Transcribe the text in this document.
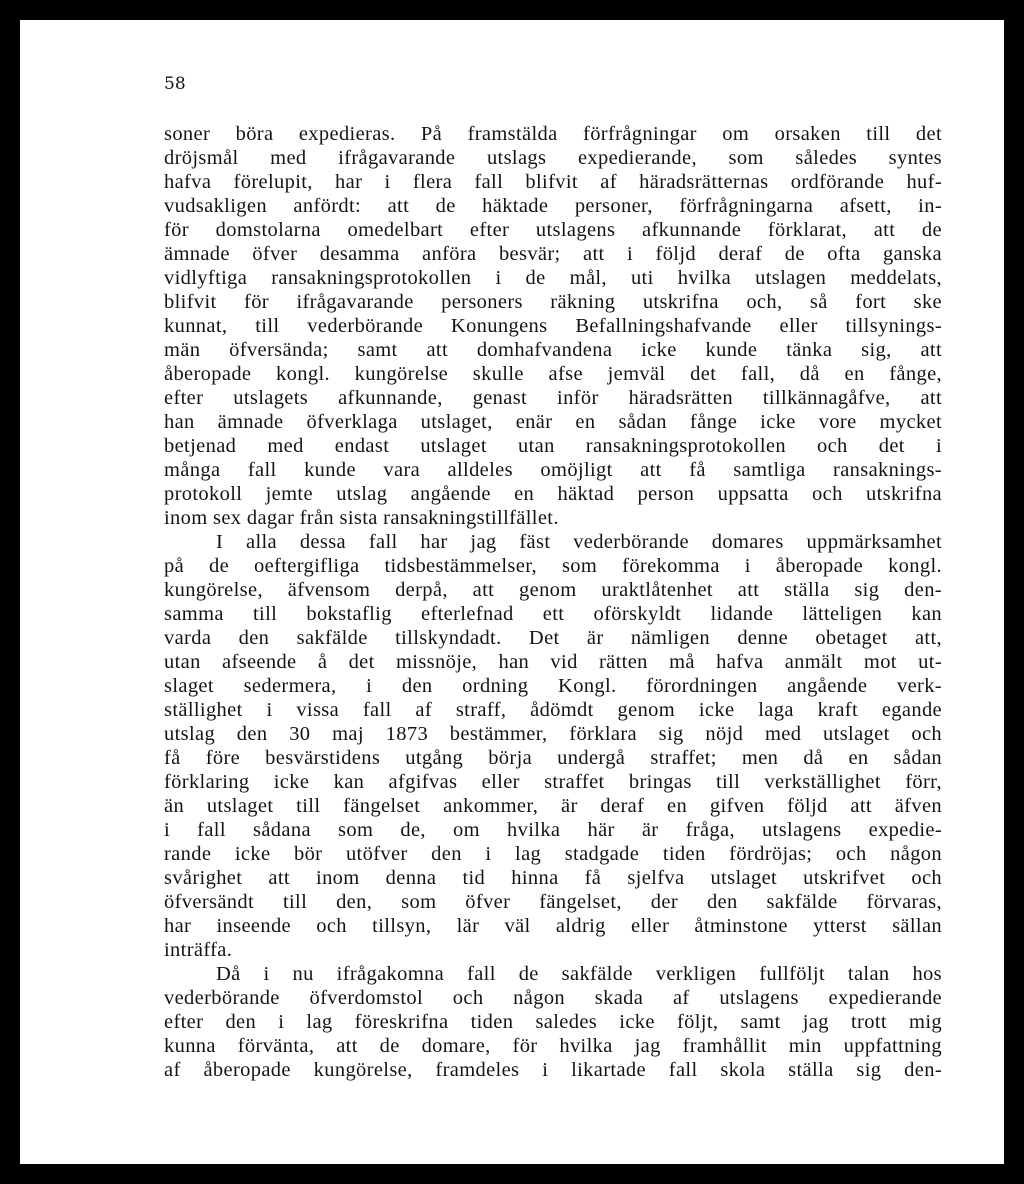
58

soner böra expedieras. På framstälda förfrågningar om orsaken till det

dröjsmål med ifrågavarande utslags expedierande, som således syntes

hafva förelupit, har i flera fall blifvit af häradsrätternas ordförande huf-

vudsakligen anfördt: att de häktade personer, förfrågningarna afsett, in-

för domstolarna omedelbart efter utslagens afkunnande förklarat, att de

ämnade öfver desamma anföra besvär; att i följd deraf de ofta ganska

vidlyftiga ransakningsprotokollen i de mål, uti hvilka utslagen meddelats,

blifvit för ifrågavarande personers räkning utskrifna och, så fort ske

kunnat, till vederbörande Konungens Befallningshafvande eller tillsynings-

män öfversända; samt att domhafvandena icke kunde tänka sig, att

åberopade kongl. kungörelse skulle afse jemväl det fall, då en fånge,

efter utslagets afkunnande, genast inför häradsrätten tillkännagåfve, att

han ämnade öfverklaga utslaget, enär en sådan fånge icke vore mycket

betjenad med endast utslaget utan ransakningsprotokollen och det i

många fall kunde vara alldeles omöjligt att få samtliga ransaknings-

protokoll jemte utslag angående en häktad person uppsatta och utskrifna

inom sex dagar från sista ransakningstillfället.

I alla dessa fall har jag fäst vederbörande domares uppmärksamhet

på de oeftergifliga tidsbestämmelser, som förekomma i åberopade kongl.

kungörelse, äfvensom derpå, att genom uraktlåtenhet att ställa sig den-

samma till bokstaflig efterlefnad ett oförskyldt lidande lätteligen kan

varda den sakfälde tillskyndadt. Det är nämligen denne obetaget att,

utan afseende å det missnöje, han vid rätten må hafva anmält mot ut-

slaget sedermera, i den ordning Kongl. förordningen angående verk-

ställighet i vissa fall af straff, ådömdt genom icke laga kraft egande

utslag den 30 maj 1873 bestämmer, förklara sig nöjd med utslaget och

få före besvärstidens utgång börja undergå straffet; men då en sådan

förklaring icke kan afgifvas eller straffet bringas till verkställighet förr,

än utslaget till fängelset ankommer, är deraf en gifven följd att äfven

i fall sådana som de, om hvilka här är fråga, utslagens expedie-

rande icke bör utöfver den i lag stadgade tiden fördröjas; och någon

svårighet att inom denna tid hinna få sjelfva utslaget utskrifvet och

öfversändt till den, som öfver fängelset, der den sakfälde förvaras,

har inseende och tillsyn, lär väl aldrig eller åtminstone ytterst sällan

inträffa.

Då i nu ifrågakomna fall de sakfälde verkligen fullföljt talan hos

vederbörande öfverdomstol och någon skada af utslagens expedierande

efter den i lag föreskrifna tiden saledes icke följt, samt jag trott mig

kunna förvänta, att de domare, för hvilka jag framhållit min uppfattning

af åberopade kungörelse, framdeles i likartade fall skola ställa sig den-
